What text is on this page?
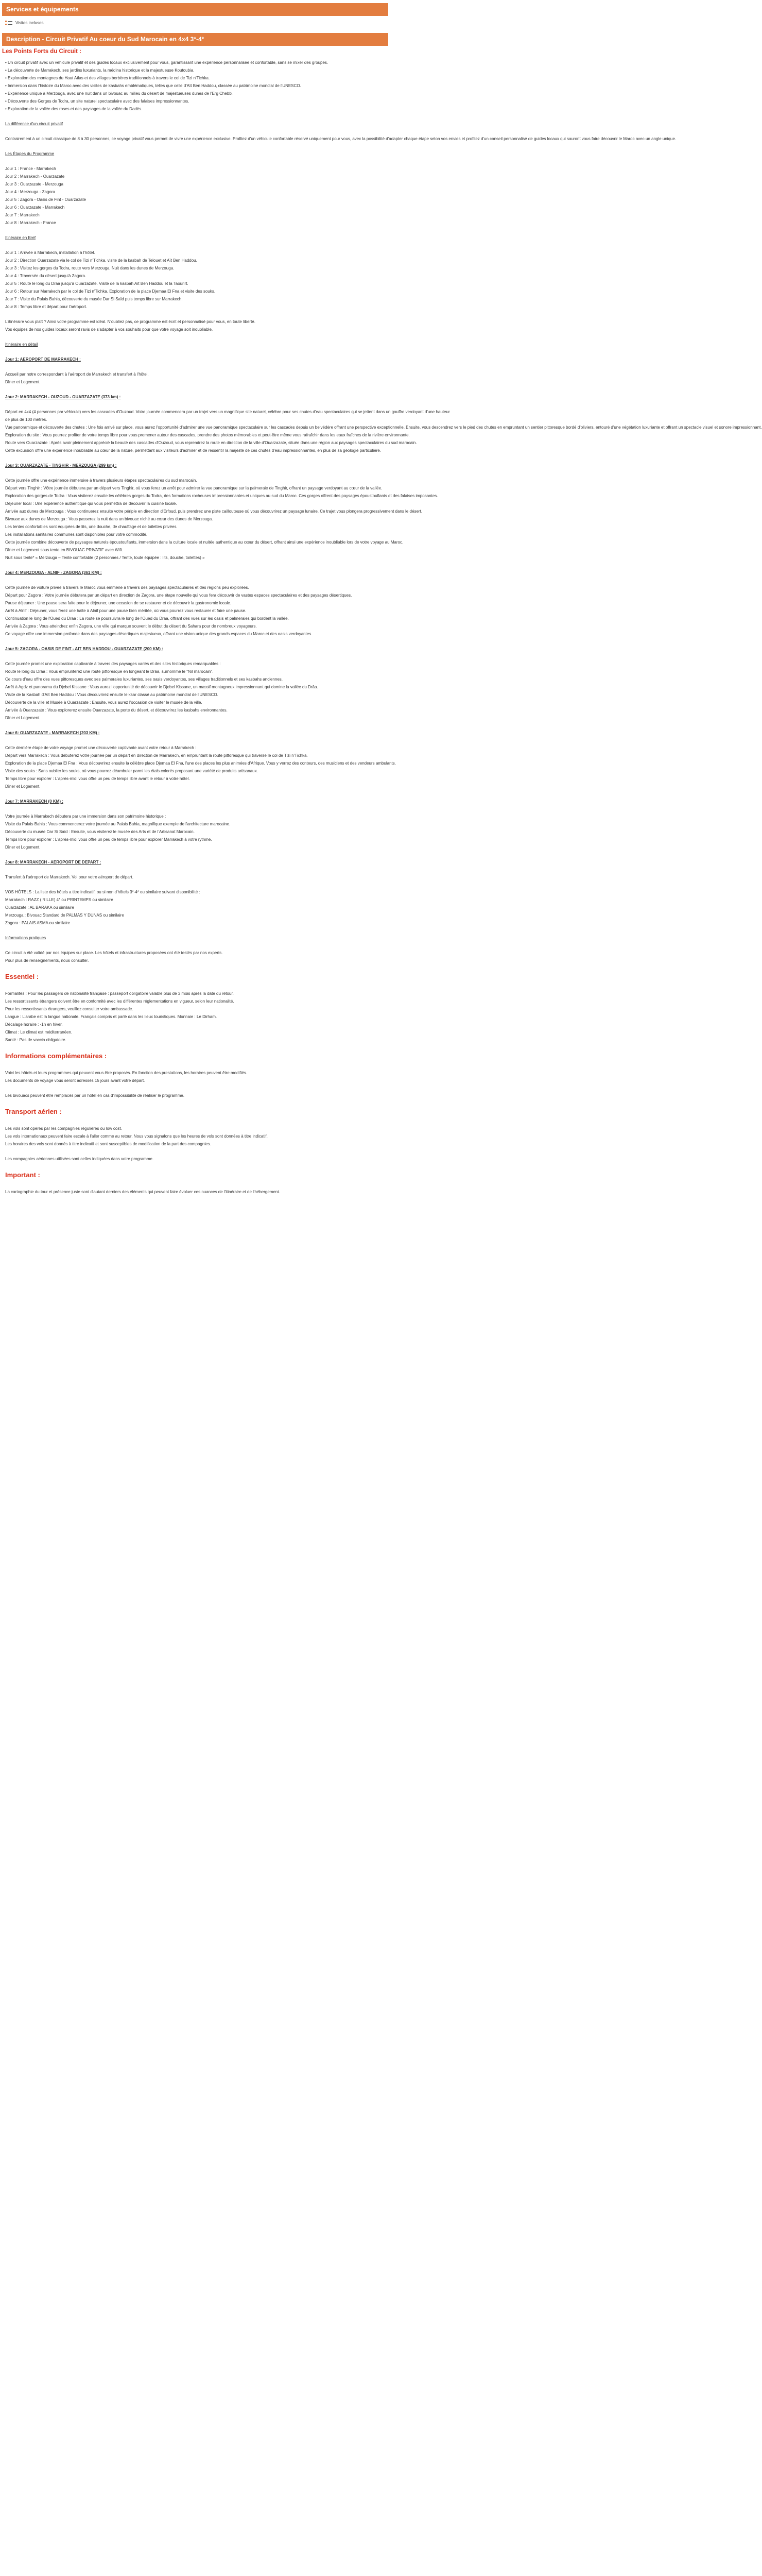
Services et équipements
Visites incluses
Description - Circuit Privatif Au coeur du Sud Marocain en 4x4 3*-4*
Les Points Forts du Circuit :
• Un circuit privatif avec un véhicule privatif et des guides locaux exclusivement pour vous, garantissant une expérience personnalisée et confortable, sans se mixer des groupes.
• La découverte de Marrakech, ses jardins luxuriants, la médina historique et la majestueuse Koutoubia.
• Exploration des montagnes du Haut Atlas et des villages berbères traditionnels à travers le col de Tizi n'Tichka.
• Immersion dans l'histoire du Maroc avec des visites de kasbahs emblématiques, telles que celle d'Aït Ben Haddou, classée au patrimoine mondial de l'UNESCO.
• Expérience unique à Merzouga, avec une nuit dans un bivouac au milieu du désert de majestueuses dunes de l'Erg Chebbi.
• Découverte des Gorges de Todra, un site naturel spectaculaire avec des falaises impressionnantes.
• Exploration de la vallée des roses et des paysages de la vallée du Dadès.
La différence d'un circuit privatif
Contrairement à un circuit classique de 8 à 30 personnes, ce voyage privatif vous permet de vivre une expérience exclusive. Profitez d'un véhicule confortable réservé uniquement pour vous, avec la possibilité d'adapter chaque étape selon vos envies et profitez d'un conseil personnalisé de guides locaux qui sauront vous faire découvrir le Maroc avec un angle unique.
Les Étapes du Programme
Jour 1 : France - Marrakech
Jour 2 : Marrakech - Ouarzazate
Jour 3 : Ouarzazate - Merzouga
Jour 4 : Merzouga - Zagora
Jour 5 : Zagora - Oasis de Fint - Ouarzazate
Jour 6 : Ouarzazate - Marrakech
Jour 7 : Marrakech
Jour 8 : Marrakech - France
Itinéraire en Bref
Jour 1 : Arrivée à Marrakech, installation à l'hôtel.
Jour 2 : Direction Ouarzazate via le col de Tizi n'Tichka, visite de la kasbah de Telouet et Aït Ben Haddou.
Jour 3 : Visitez les gorges du Todra, route vers Merzouga. Nuit dans les dunes de Merzouga.
Jour 4 : Traversée du désert jusqu'à Zagora.
Jour 5 : Route le long du Draa jusqu'à Ouarzazate. Visite de la kasbah Aït Ben Haddou et la Taourirt.
Jour 6 : Retour sur Marrakech par le col de Tizi n'Tichka. Exploration de la place Djemaa El Fna et visite des souks.
Jour 7 : Visite du Palais Bahia, découverte du musée Dar Si Saïd puis temps libre sur Marrakech.
Jour 8 : Temps libre et départ pour l'aéroport.
L'itinéraire vous plaît ? Ainsi votre programme est idéal. N'oubliez pas, ce programme est écrit et personnalisé pour vous, en toute liberté.
Vos équipes de nos guides locaux seront ravis de s'adapter à vos souhaits pour que votre voyage soit inoubliable.
Itinéraire en détail
Jour 1: AEROPORT DE MARRAKECH :
Accueil par notre correspondant à l'aéroport de Marrakech et transfert à l'hôtel.
Dîner et Logement.
Jour 2: MARRAKECH - OUZOUD - OUARZAZATE (373 km) :
Départ en 4x4 (4 personnes par véhicule) vers les cascades d'Ouzoud. Votre journée commencera par un trajet vers un magnifique site naturel, célèbre pour ses chutes d'eau spectaculaires qui se jettent dans un gouffre verdoyant d'une hauteur
de plus de 100 mètres.
Vue panoramique et découverte des chutes : Une fois arrivé sur place, vous aurez l'opportunité d'admirer une vue panoramique spectaculaire sur les cascades depuis un belvédère offrant une perspective exceptionnelle. Ensuite, vous descendrez vers le pied des chutes en empruntant un sentier pittoresque bordé d'oliviers, entouré d'une végétation luxuriante et offrant un spectacle visuel et sonore impressionnant.
Exploration du site : Vous pourrez profiter de votre temps libre pour vous promener autour des cascades, prendre des photos mémorables et peut-être même vous rafraîchir dans les eaux fraîches de la rivière environnante.
Route vers Ouarzazate : Après avoir pleinement apprécié la beauté des cascades d'Ouzoud, vous reprendrez la route en direction de la ville d'Ouarzazate, située dans une région aux paysages spectaculaires du sud marocain.
Cette excursion offre une expérience inoubliable au cœur de la nature, permettant aux visiteurs d'admirer et de ressentir la majesté de ces chutes d'eau impressionnantes, en plus de sa géologie particulière.
Jour 3: OUARZAZATE - TINGHIR - MERZOUGA (299 km) :
Cette journée offre une expérience immersive à travers plusieurs étapes spectaculaires du sud marocain.
Départ vers Tinghir : Vôtre journée débutera par un départ vers Tinghir, où vous ferez un arrêt pour admirer la vue panoramique sur la palmeraie de Tinghir, offrant un paysage verdoyant au cœur de la vallée.
Exploration des gorges de Todra : Vous visiterez ensuite les célèbres gorges du Todra, des formations rocheuses impressionnantes et uniques au sud du Maroc. Ces gorges offrent des paysages époustouflants et des falaises imposantes.
Déjeuner local : Une expérience authentique qui vous permettra de découvrir la cuisine locale.
Arrivée aux dunes de Merzouga : Vous continuerez ensuite votre périple en direction d'Erfoud, puis prendrez une piste caillouteuse où vous découvrirez un paysage lunaire. Ce trajet vous plongera progressivement dans le désert.
Bivouac aux dunes de Merzouga : Vous passerez la nuit dans un bivouac niché au cœur des dunes de Merzouga.
Les tentes confortables sont équipées de lits, une douche, de chauffage et de toilettes privées.
Les installations sanitaires communes sont disponibles pour votre commodité.
Cette journée combine découverte de paysages naturels époustouflants, immersion dans la culture locale et nuitée authentique au cœur du désert, offrant ainsi une expérience inoubliable lors de votre voyage au Maroc.
Dîner et Logement sous tente en BIVOUAC PRIVATIF avec Wifi.
Nuit sous tente* « Merzouga – Tente confortable (2 personnes / Tente, toute équipée : lits, douche, toilettes) »
Jour 4: MERZOUGA - ALNIF - ZAGORA (361 KM) :
Cette journée de voiture privée à travers le Maroc vous emmène à travers des paysages spectaculaires et des régions peu explorées.
Départ pour Zagora : Votre journée débutera par un départ en direction de Zagora, une étape nouvelle qui vous fera découvrir de vastes espaces spectaculaires et des paysages désertiques.
Pause déjeuner : Une pause sera faite pour le déjeuner, une occasion de se restaurer et de découvrir la gastronomie locale.
Arrêt à Alnif : Déjeuner, vous ferez une halte à Alnif pour une pause bien méritée, où vous pourrez vous restaurer et faire une pause.
Continuation le long de l'Oued du Draa : La route se poursuivra le long de l'Oued du Draa, offrant des vues sur les oasis et palmeraies qui bordent la vallée.
Arrivée à Zagora : Vous atteindrez enfin Zagora, une ville qui marque souvent le début du désert du Sahara pour de nombreux voyageurs.
Ce voyage offre une immersion profonde dans des paysages désertiques majestueux, offrant une vision unique des grands espaces du Maroc et des oasis verdoyantes.
Jour 5: ZAGORA - OASIS DE FINT - AIT BEN HADDOU - OUARZAZATE (200 KM) :
Cette journée promet une exploration captivante à travers des paysages variés et des sites historiques remarquables :
Route le long du Drâa : Vous emprunterez une route pittoresque en longeant le Drâa, surnommé le "Nil marocain".
Ce cours d'eau offre des vues pittoresques avec ses palmeraies luxuriantes, ses oasis verdoyantes, ses villages traditionnels et ses kasbahs anciennes.
Arrêt à Agdz et panorama du Djebel Kissane : Vous aurez l'opportunité de découvrir le Djebel Kissane, un massif montagneux impressionnant qui domine la vallée du Drâa.
Visite de la Kasbah d'Aït Ben Haddou : Vous découvrirez ensuite le ksar classé au patrimoine mondial de l'UNESCO.
Découverte de la ville et Musée à Ouarzazate : Ensuite, vous aurez l'occasion de visiter le musée de la ville.
Arrivée à Ouarzazate : Vous explorerez ensuite Ouarzazate, la porte du désert, et découvrirez les kasbahs environnantes.
Dîner et Logement.
Jour 6: OUARZAZATE - MARRAKECH (203 KM) :
Cette dernière étape de votre voyage promet une découverte captivante avant votre retour à Marrakech :
Départ vers Marrakech : Vous débuterez votre journée par un départ en direction de Marrakech, en empruntant la route pittoresque qui traverse le col de Tizi n'Tichka.
Exploration de la place Djemaa El Fna : Vous découvrirez ensuite la célèbre place Djemaa El Fna, l'une des places les plus animées d'Afrique. Vous y verrez des conteurs, des musiciens et des vendeurs ambulants.
Visite des souks : Sans oublier les souks, où vous pourrez déambuler parmi les étals colorés proposant une variété de produits artisanaux.
Temps libre pour explorer : L'après-midi vous offre un peu de temps libre avant le retour à votre hôtel.
Dîner et Logement.
Jour 7: MARRAKECH (0 KM) :
Votre journée à Marrakech débutera par une immersion dans son patrimoine historique :
Visite du Palais Bahia : Vous commencerez votre journée au Palais Bahia, magnifique exemple de l'architecture marocaine.
Découverte du musée Dar Si Saïd : Ensuite, vous visiterez le musée des Arts et de l'Artisanat Marocain.
Temps libre pour explorer : L'après-midi vous offre un peu de temps libre pour explorer Marrakech à votre rythme.
Dîner et Logement.
Jour 8: MARRAKECH - AEROPORT DE DEPART :
Transfert à l'aéroport de Marrakech. Vol pour votre aéroport de départ.
VOS HÔTELS : La liste des hôtels a titre indicatif, ou si non d'hôtels 3*-4* ou similaire suivant disponibilité :
Marrakech : RAZZ ( RILLE) 4* ou PRINTEMPS ou similaire
Ouarzazate : AL BARAKA ou similaire
Merzouga : Bivouac Standard de PALMAS Y DUNAS ou similaire
Zagora : PALAIS ASMA ou similaire
Informations pratiques
Ce circuit a été validé par nos équipes sur place. Les hôtels et infrastructures proposées ont été testés par nos experts.
Pour plus de renseignements, nous consulter.
Essentiel :
Formalités : Pour les passagers de nationalité française : passeport obligatoire valable plus de 3 mois après la date du retour.
Les ressortissants étrangers doivent être en conformité avec les différentes réglementations en vigueur, selon leur nationalité.
Pour les ressortissants étrangers, veuillez consulter votre ambassade.
Langue : L'arabe est la langue nationale. Français compris et parlé dans les lieux touristiques. Monnaie : Le Dirham.
Décalage horaire : -1h en hiver.
Climat : Le climat est méditerranéen.
Santé : Pas de vaccin obligatoire.
Informations complémentaires :
Voici les hôtels et leurs programmes qui peuvent vous être proposés. En fonction des prestations, les horaires peuvent être modifiés.
Les documents de voyage vous seront adressés 15 jours avant votre départ.
Les bivouacs peuvent être remplacés par un hôtel en cas d'impossibilité de réaliser le programme.
Transport aérien :
Les vols sont opérés par les compagnies régulières ou low cost.
Les vols internationaux peuvent faire escale à l'aller comme au retour. Nous vous signalons que les heures de vols sont données à titre indicatif.
Les horaires des vols sont donnés à titre indicatif et sont susceptibles de modification de la part des compagnies.
Les compagnies aériennes utilisées sont celles indiquées dans votre programme.
Important :
La cartographie du tour et présence juste sont d'autant derniers des éléments qui peuvent faire évoluer ces nuances de l'itinéraire et de l'hébergement.
